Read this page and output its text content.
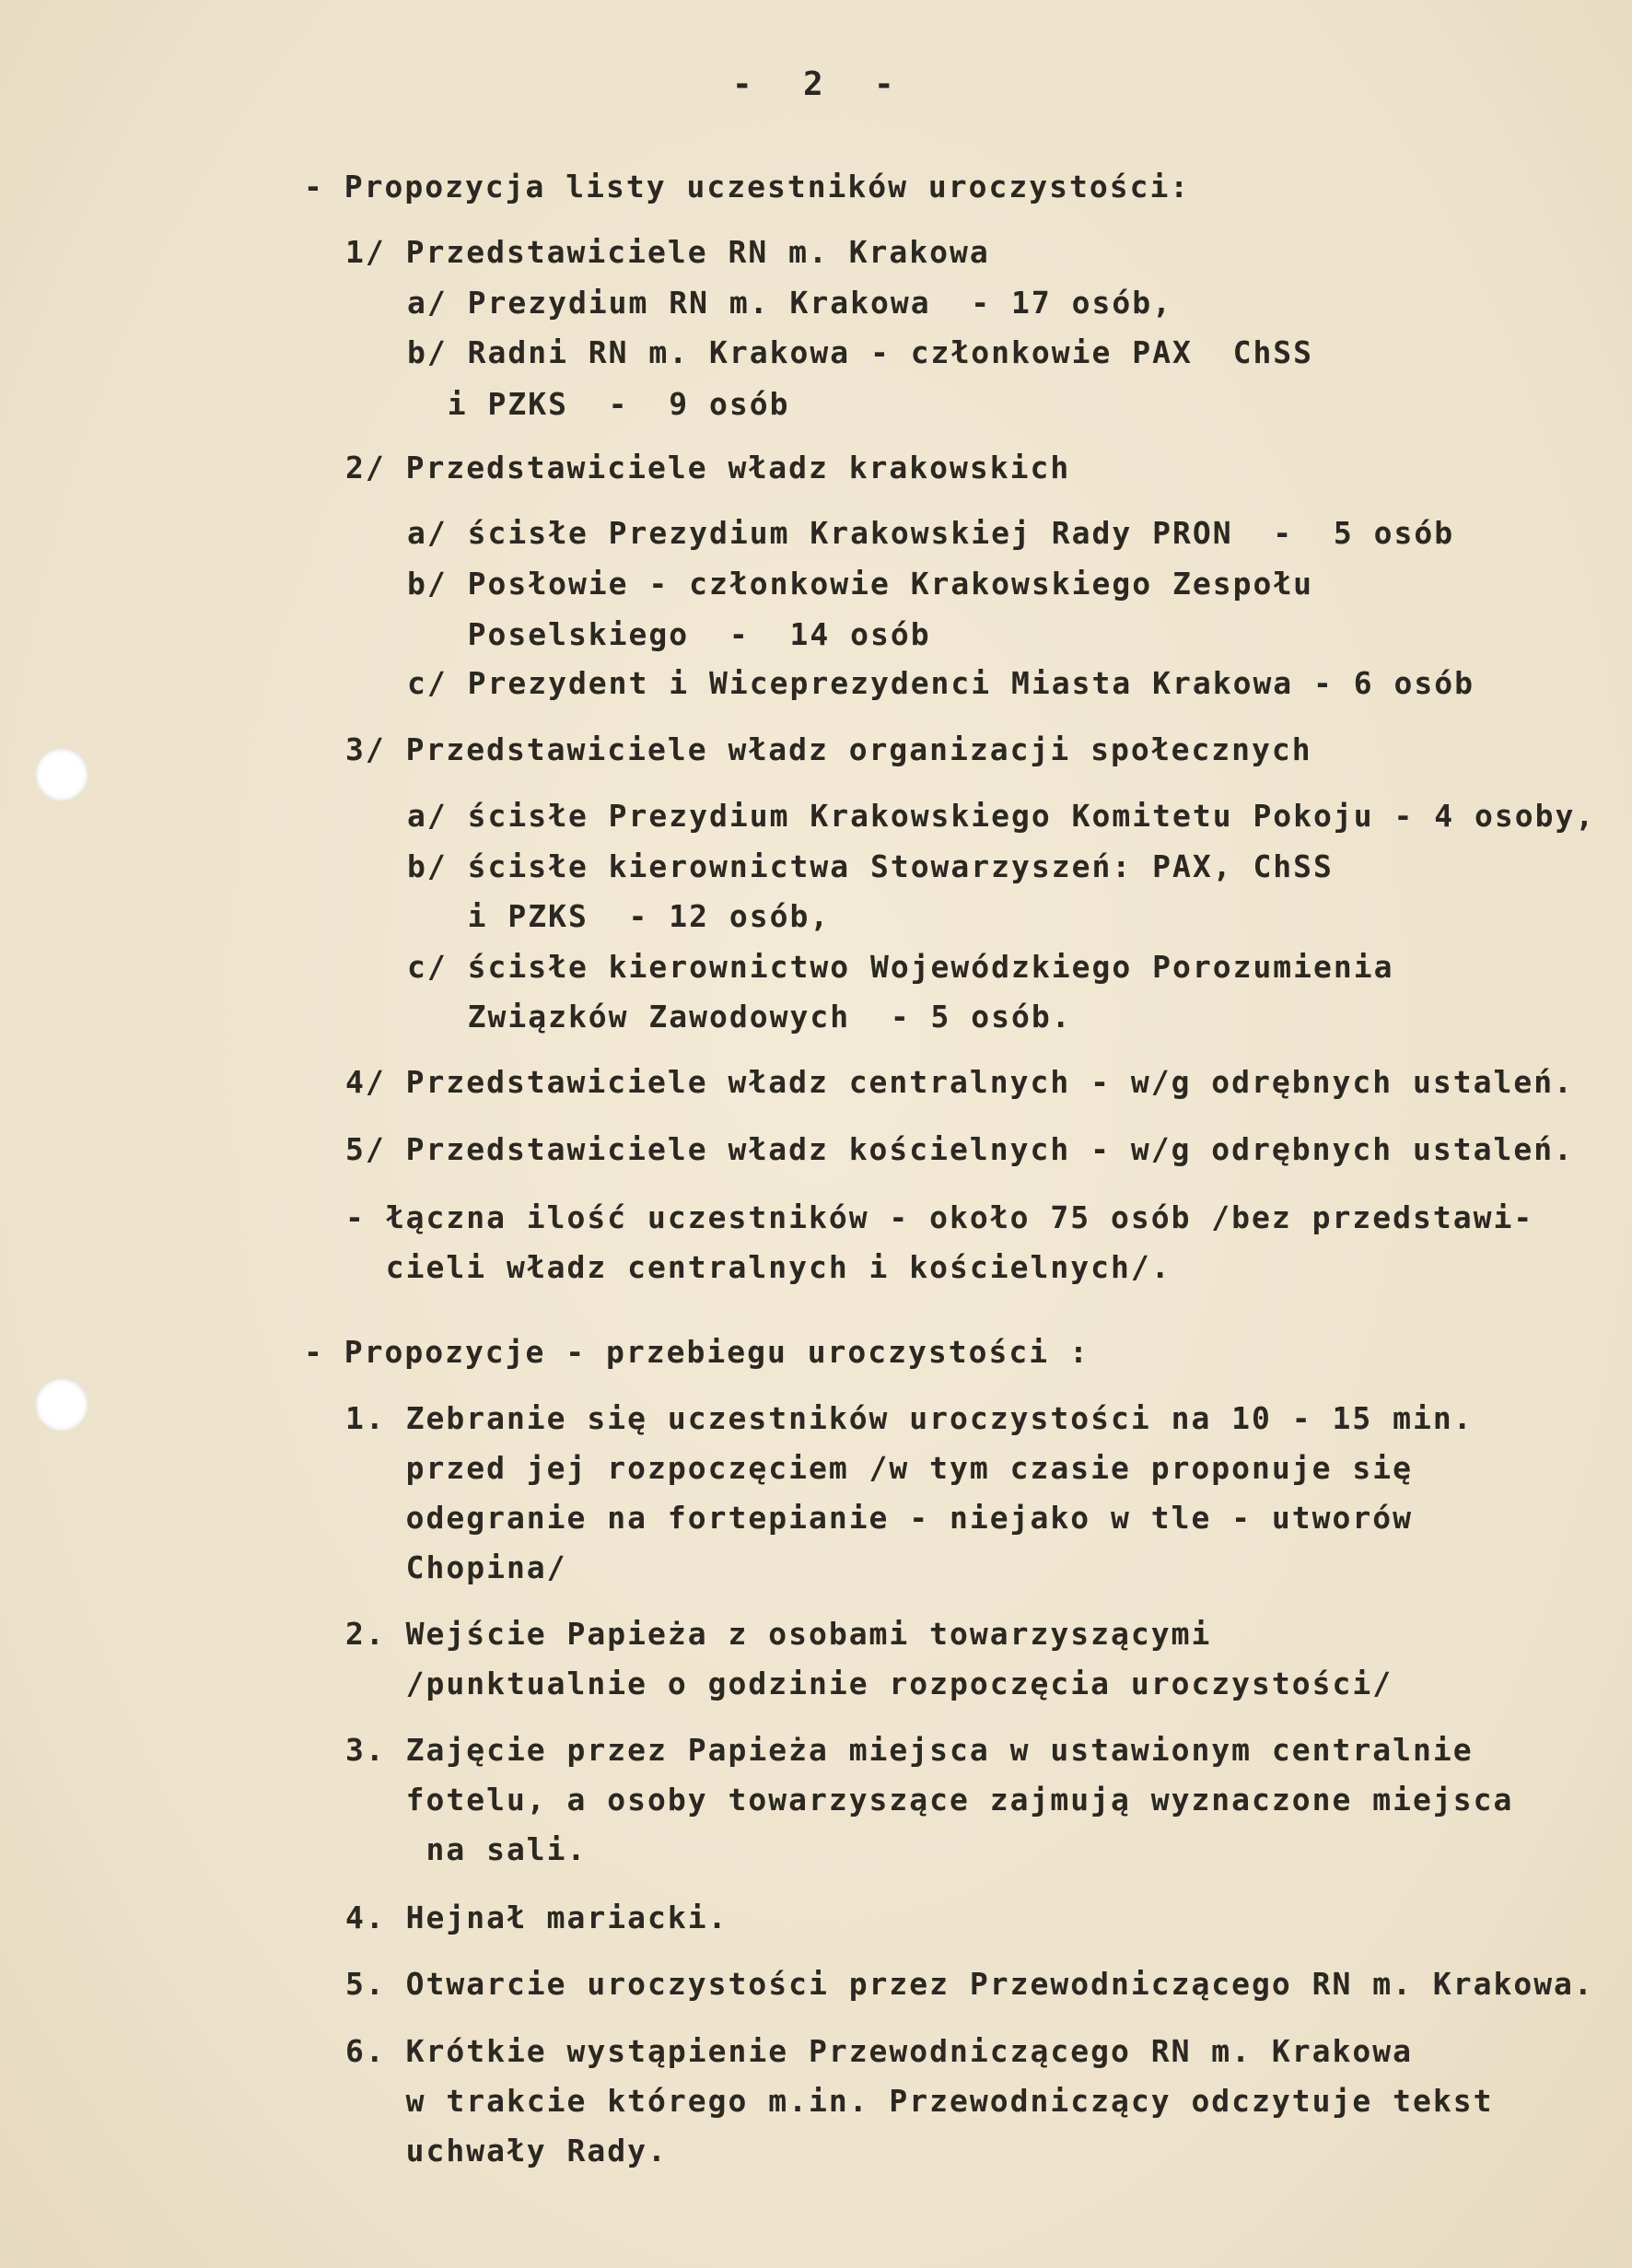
-  2  -
- Propozycja listy uczestników uroczystości:
1/ Przedstawiciele RN m. Krakowa
a/ Prezydium RN m. Krakowa  - 17 osób,
b/ Radni RN m. Krakowa - członkowie PAX  ChSS
i PZKS  -  9 osób
2/ Przedstawiciele władz krakowskich
a/ ścisłe Prezydium Krakowskiej Rady PRON  -  5 osób
b/ Posłowie - członkowie Krakowskiego Zespołu
Poselskiego  -  14 osób
c/ Prezydent i Wiceprezydenci Miasta Krakowa - 6 osób
3/ Przedstawiciele władz organizacji społecznych
a/ ścisłe Prezydium Krakowskiego Komitetu Pokoju - 4 osoby,
b/ ścisłe kierownictwa Stowarzyszeń: PAX, ChSS
i PZKS  - 12 osób,
c/ ścisłe kierownictwo Wojewódzkiego Porozumienia
Związków Zawodowych  - 5 osób.
4/ Przedstawiciele władz centralnych - w/g odrębnych ustaleń.
5/ Przedstawiciele władz kościelnych - w/g odrębnych ustaleń.
- łączna ilość uczestników - około 75 osób /bez przedstawi-
cieli władz centralnych i kościelnych/.
- Propozycje - przebiegu uroczystości :
1. Zebranie się uczestników uroczystości na 10 - 15 min.
przed jej rozpoczęciem /w tym czasie proponuje się
odegranie na fortepianie - niejako w tle - utworów
Chopina/
2. Wejście Papieża z osobami towarzyszącymi
/punktualnie o godzinie rozpoczęcia uroczystości/
3. Zajęcie przez Papieża miejsca w ustawionym centralnie
fotelu, a osoby towarzyszące zajmują wyznaczone miejsca
na sali.
4. Hejnał mariacki.
5. Otwarcie uroczystości przez Przewodniczącego RN m. Krakowa.
6. Krótkie wystąpienie Przewodniczącego RN m. Krakowa
w trakcie którego m.in. Przewodniczący odczytuje tekst
uchwały Rady.
